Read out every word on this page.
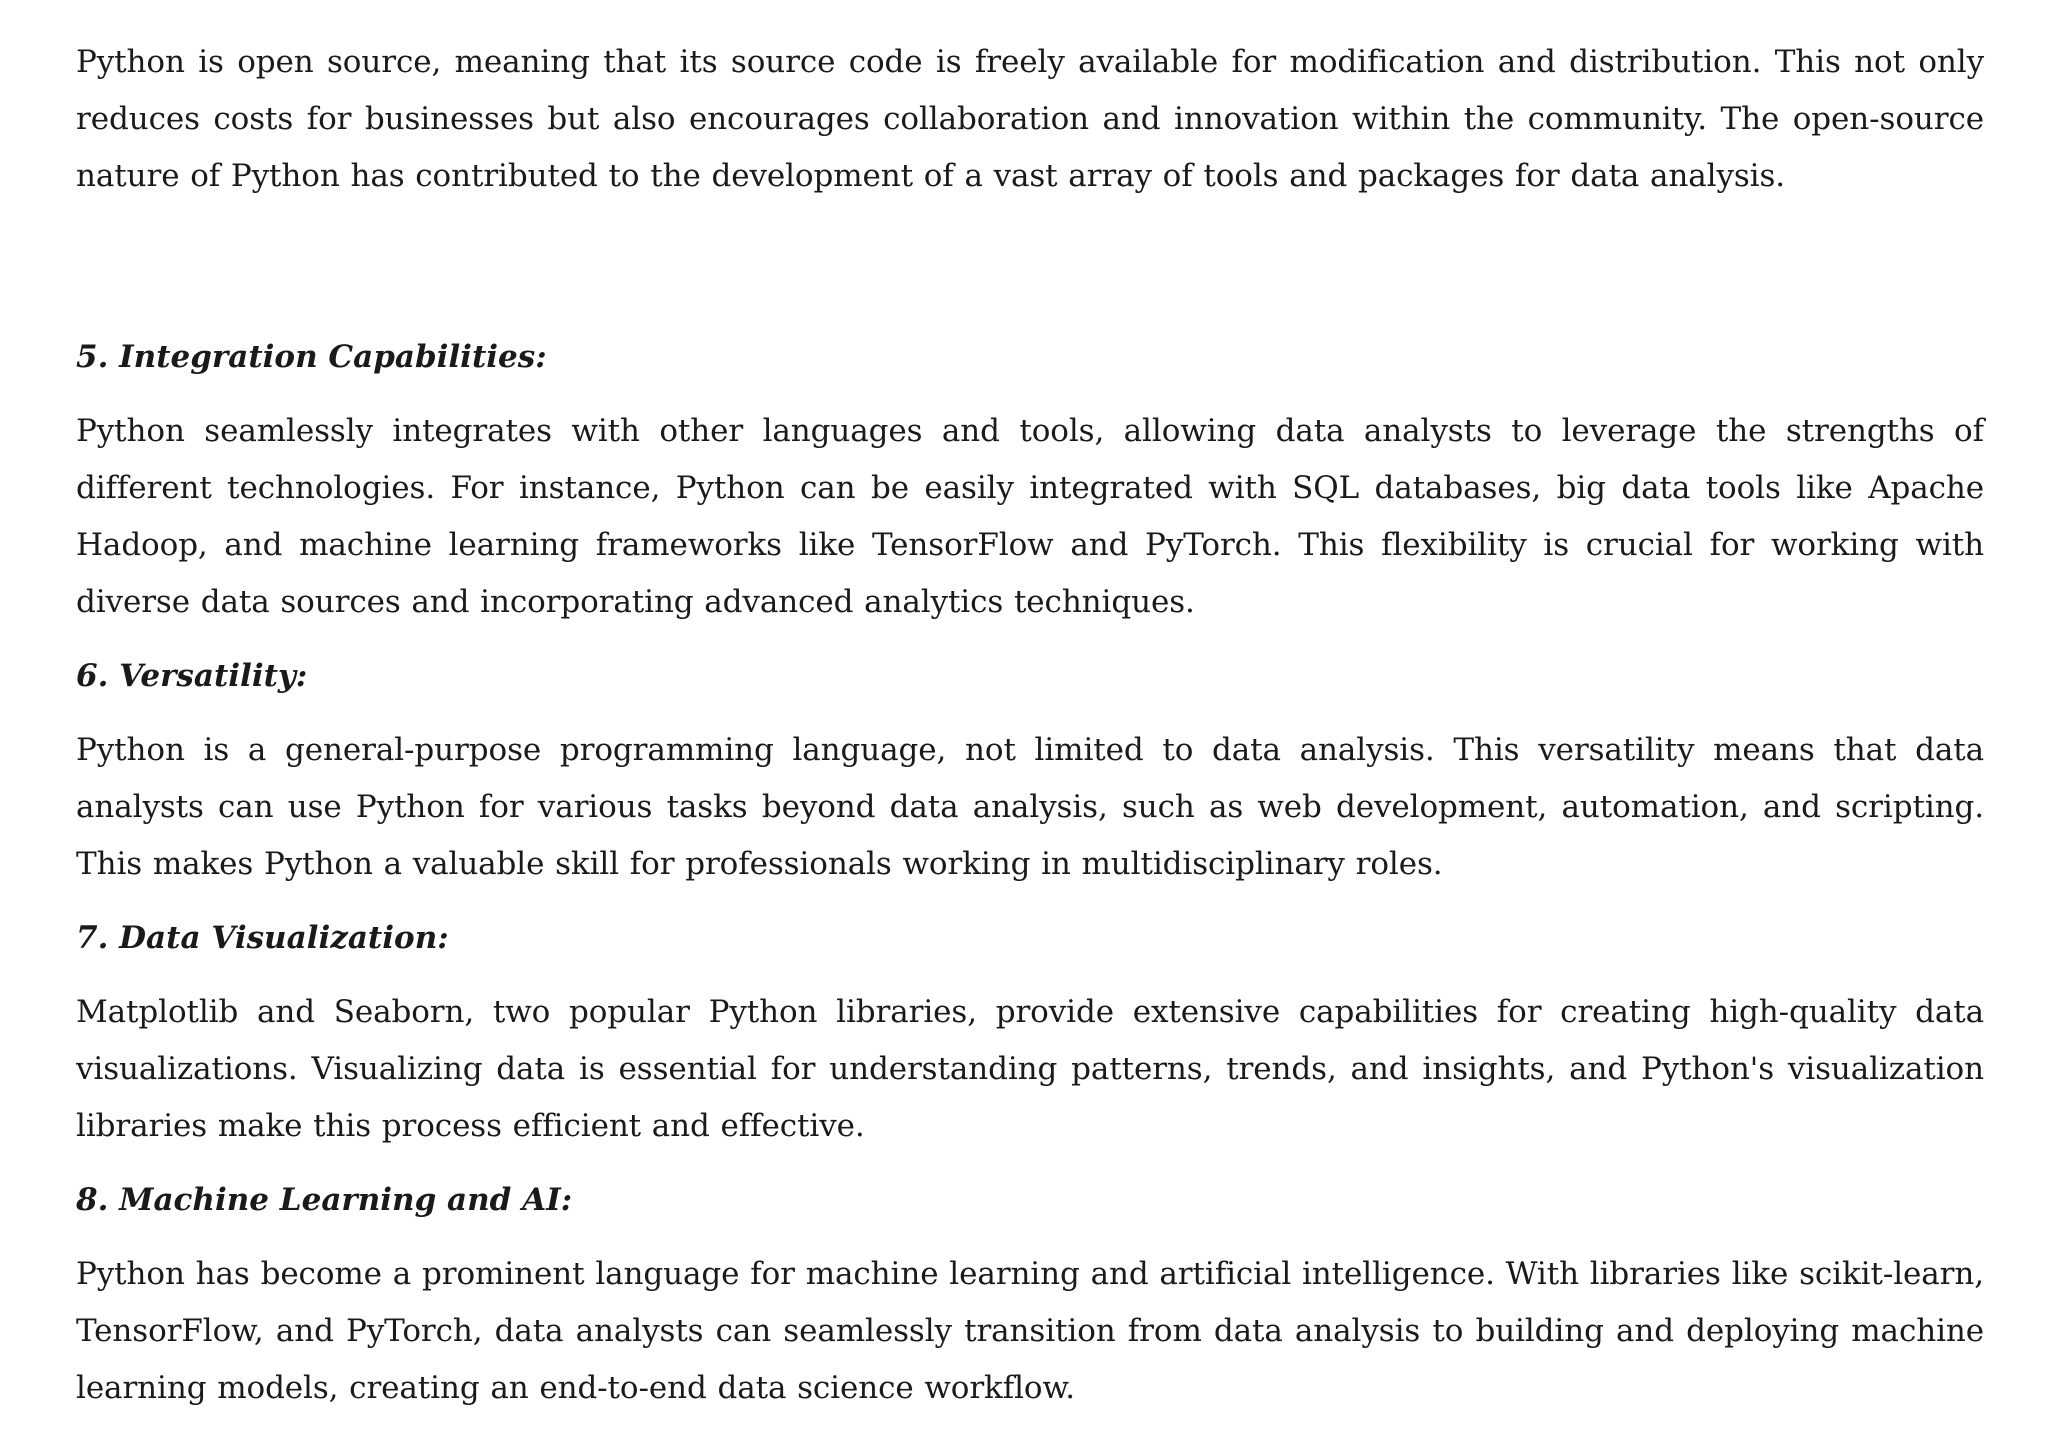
Python is open source, meaning that its source code is freely available for modification and distribution. This not only reduces costs for businesses but also encourages collaboration and innovation within the community. The open-source nature of Python has contributed to the development of a vast array of tools and packages for data analysis.

5. Integration Capabilities:

Python seamlessly integrates with other languages and tools, allowing data analysts to leverage the strengths of different technologies. For instance, Python can be easily integrated with SQL databases, big data tools like Apache Hadoop, and machine learning frameworks like TensorFlow and PyTorch. This flexibility is crucial for working with diverse data sources and incorporating advanced analytics techniques.

6. Versatility:

Python is a general-purpose programming language, not limited to data analysis. This versatility means that data analysts can use Python for various tasks beyond data analysis, such as web development, automation, and scripting. This makes Python a valuable skill for professionals working in multidisciplinary roles.

7. Data Visualization:

Matplotlib and Seaborn, two popular Python libraries, provide extensive capabilities for creating high-quality data visualizations. Visualizing data is essential for understanding patterns, trends, and insights, and Python's visualization libraries make this process efficient and effective.

8. Machine Learning and AI:

Python has become a prominent language for machine learning and artificial intelligence. With libraries like scikit-learn, TensorFlow, and PyTorch, data analysts can seamlessly transition from data analysis to building and deploying machine learning models, creating an end-to-end data science workflow.
